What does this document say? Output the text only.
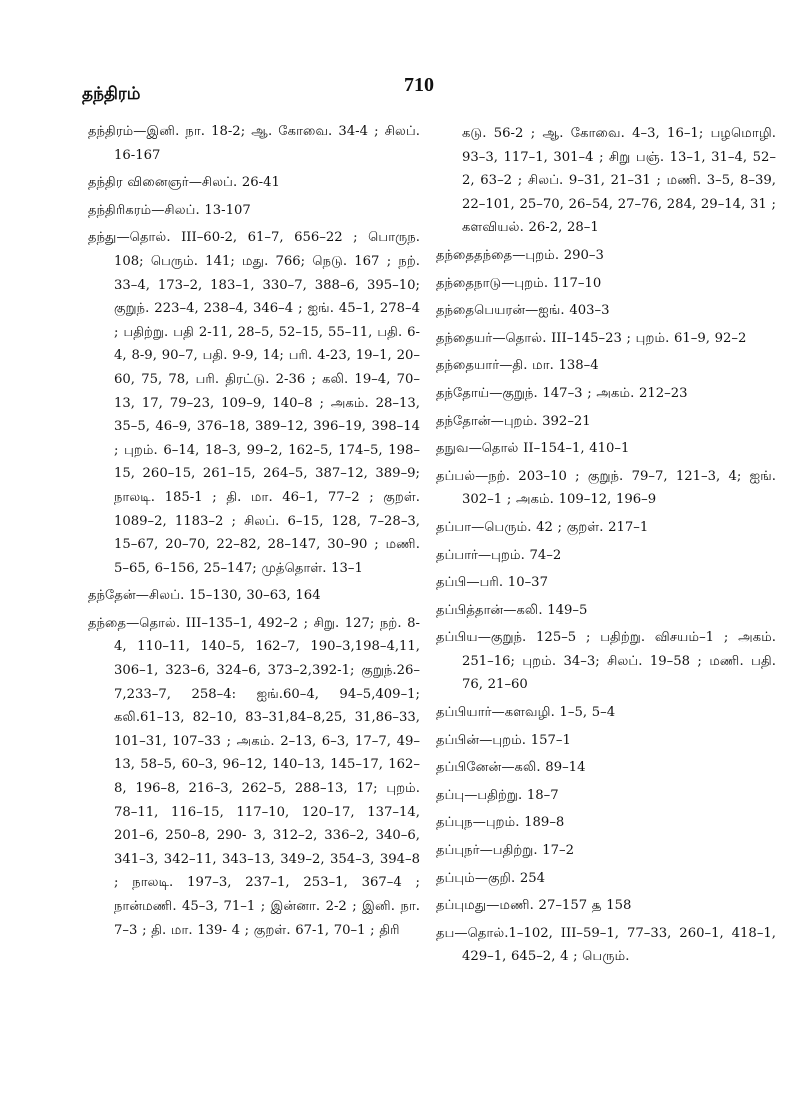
தந்திரம்	710

தந்திரம்—இனி. நா. 18-2; ஆ. கோவை. 34-4 ; சிலப். 16-167

தந்திர வினைஞர்—சிலப். 26-41

தந்திரிகரம்—சிலப். 13-107

தந்து—தொல். III–60-2, 61–7, 656–22 ; பொருந. 108; பெரும். 141; மது. 766; நெடு. 167 ; நற். 33–4, 173–2, 183–1, 330–7, 388–6, 395–10; குறுந். 223–4, 238–4, 346–4 ; ஐங். 45–1, 278–4 ; பதிற்று. பதி 2-11, 28–5, 52–15, 55–11, பதி. 6-4, 8-9, 90–7, பதி. 9-9, 14; பரி. 4-23, 19–1, 20–60, 75, 78, பரி. திரட்டு. 2-36 ; கலி. 19–4, 70–13, 17, 79–23, 109–9, 140–8 ; அகம். 28–13, 35–5, 46–9, 376–18, 389–12, 396–19, 398–14 ; புறம். 6–14, 18–3, 99–2, 162–5, 174–5, 198–15, 260–15, 261–15, 264–5, 387–12, 389–9; நாலடி. 185-1 ; தி. மா. 46–1, 77–2 ; குறள். 1089–2, 1183–2 ; சிலப். 6–15, 128, 7–28–3, 15–67, 20–70, 22–82, 28–147, 30–90 ; மணி. 5–65, 6–156, 25–147; முத்தொள். 13–1

தந்தேன்—சிலப். 15–130, 30–63, 164

தந்தை—தொல். III–135–1, 492–2 ; சிறு. 127; நற். 8-4, 110–11, 140–5, 162–7, 190–3,198–4,11, 306–1, 323–6, 324–6, 373–2,392-1; குறுந்.26–7,233–7, 258–4: ஐங்.60–4, 94–5,409–1; கலி.61–13, 82–10, 83–31,84–8,25, 31,86–33, 101–31, 107–33 ; அகம். 2–13, 6–3, 17–7, 49–13, 58–5, 60–3, 96–12, 140–13, 145–17, 162–8, 196–8, 216–3, 262–5, 288–13, 17; புறம். 78–11, 116–15, 117–10, 120–17, 137–14, 201–6, 250–8, 290- 3, 312–2, 336–2, 340–6, 341–3, 342–11, 343–13, 349–2, 354–3, 394–8 ; நாலடி. 197–3, 237–1, 253–1, 367–4 ; நான்மணி. 45–3, 71–1 ; இன்னா. 2-2 ; இனி. நா. 7–3 ; தி. மா. 139- 4 ; குறள். 67-1, 70–1 ; திரி

கடு. 56-2 ; ஆ. கோவை. 4–3, 16–1; பழமொழி. 93–3, 117–1, 301–4 ; சிறு பஞ். 13–1, 31–4, 52–2, 63–2 ; சிலப். 9–31, 21–31 ; மணி. 3–5, 8–39, 22–101, 25–70, 26–54, 27–76, 284, 29–14, 31 ; களவியல். 26-2, 28–1

தந்தைதந்தை—புறம். 290–3

தந்தைநாடு—புறம். 117–10

தந்தைபெயரன்—ஐங். 403–3

தந்தையர்—தொல். III–145–23 ; புறம். 61–9, 92–2

தந்தையார்—தி. மா. 138–4

தந்தோய்—குறுந். 147–3 ; அகம். 212–23

தந்தோன்—புறம். 392–21

தநுவ—தொல் II–154–1, 410–1

தப்பல்—நற். 203–10 ; குறுந். 79–7, 121–3, 4; ஐங். 302–1 ; அகம். 109–12, 196–9

தப்பா—பெரும். 42 ; குறள். 217–1

தப்பார்—புறம். 74–2

தப்பி—பரி. 10–37

தப்பித்தான்—கலி. 149–5

தப்பிய—குறுந். 125–5 ; பதிற்று. விசயம்–1 ; அகம். 251–16; புறம். 34–3; சிலப். 19–58 ; மணி. பதி. 76, 21–60

தப்பியார்—களவழி. 1–5, 5–4

தப்பின்—புறம். 157–1

தப்பினேன்—கலி. 89–14

தப்பு—பதிற்று. 18–7

தப்புந—புறம். 189–8

தப்புநர்—பதிற்று. 17–2

தப்பும்—குறி. 254

தப்புமது—மணி. 27–157 ௲ 158

தப—தொல்.1–102, III–59–1, 77–33, 260–1, 418–1, 429–1, 645–2, 4 ; பெரும்.
